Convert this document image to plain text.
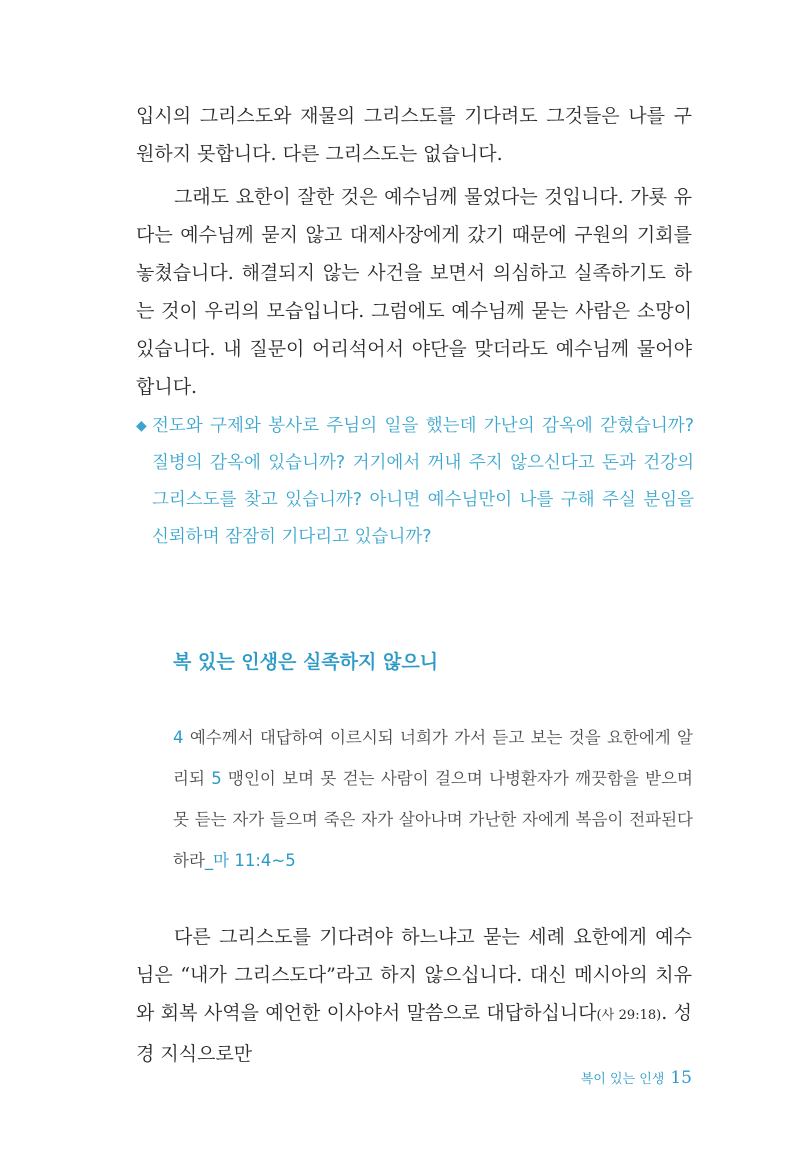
입시의 그리스도와 재물의 그리스도를 기다려도 그것들은 나를 구원하지 못합니다. 다른 그리스도는 없습니다.

그래도 요한이 잘한 것은 예수님께 물었다는 것입니다. 가룟 유다는 예수님께 묻지 않고 대제사장에게 갔기 때문에 구원의 기회를 놓쳤습니다. 해결되지 않는 사건을 보면서 의심하고 실족하기도 하는 것이 우리의 모습입니다. 그럼에도 예수님께 묻는 사람은 소망이 있습니다. 내 질문이 어리석어서 야단을 맞더라도 예수님께 물어야 합니다.

◆ 전도와 구제와 봉사로 주님의 일을 했는데 가난의 감옥에 갇혔습니까? 질병의 감옥에 있습니까? 거기에서 꺼내 주지 않으신다고 돈과 건강의 그리스도를 찾고 있습니까? 아니면 예수님만이 나를 구해 주실 분임을 신뢰하며 잠잠히 기다리고 있습니까?

복 있는 인생은 실족하지 않으니

4 예수께서 대답하여 이르시되 너희가 가서 듣고 보는 것을 요한에게 알리되 5 맹인이 보며 못 걷는 사람이 걸으며 나병환자가 깨끗함을 받으며 못 듣는 자가 들으며 죽은 자가 살아나며 가난한 자에게 복음이 전파된다 하라_마 11:4~5

다른 그리스도를 기다려야 하느냐고 묻는 세례 요한에게 예수님은 “내가 그리스도다”라고 하지 않으십니다. 대신 메시아의 치유와 회복 사역을 예언한 이사야서 말씀으로 대답하십니다(사 29:18). 성경 지식으로만

복이 있는 인생 15
